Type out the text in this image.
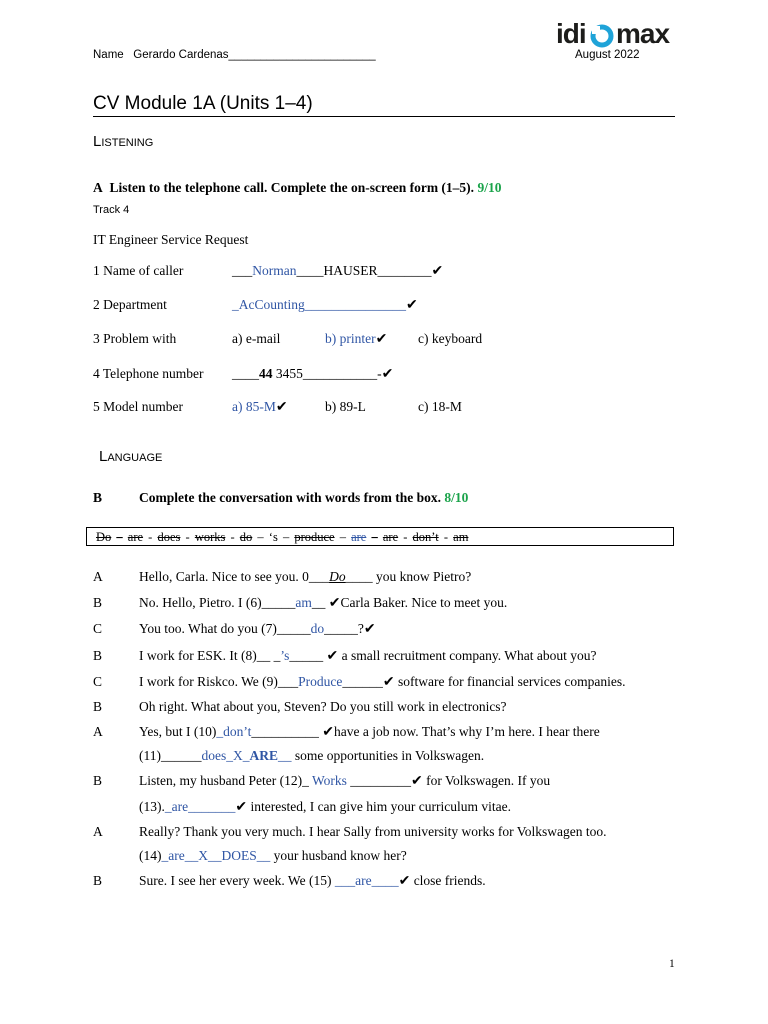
Name Gerardo Cardenas_______________________	August 2022
idi max
CV Module 1A (Units 1–4)
Listening
A Listen to the telephone call. Complete the on-screen form (1–5). 9/10
Track 4
IT Engineer Service Request
1 Name of caller	___Norman____HAUSER________✔
2 Department	_AcCounting_______________✔
3 Problem with	a) e-mail	b) printer✔ c) keyboard
4 Telephone number ____44 3455___________-✔
5 Model number	a) 85-M✔	b) 89-L	c) 18-M
Language
B	Complete the conversation with words from the box. 8/10
Do – are - does - works - do – ‘s – produce – are – are - don’t - am
A	Hello, Carla. Nice to see you. 0___Do____ you know Pietro?
B	No. Hello, Pietro. I (6)_____am__ ✔Carla Baker. Nice to meet you.
C	You too. What do you (7)_____do_____?✔
B	I work for ESK. It (8)__ _’s_____ ✔ a small recruitment company. What about you?
C	I work for Riskco. We (9)___Produce______✔ software for financial services companies.
B	Oh right. What about you, Steven? Do you still work in electronics?
A	Yes, but I (10)_don’t__________ ✔have a job now. That’s why I’m here. I hear there
(11)______does_X_ARE__ some opportunities in Volkswagen.
B	Listen, my husband Peter (12)_ Works _________✔ for Volkswagen. If you
(13)._are_______✔ interested, I can give him your curriculum vitae.
A	Really? Thank you very much. I hear Sally from university works for Volkswagen too.
(14)_are__X__DOES__ your husband know her?
B	Sure. I see her every week. We (15) ___are____✔ close friends.
1
